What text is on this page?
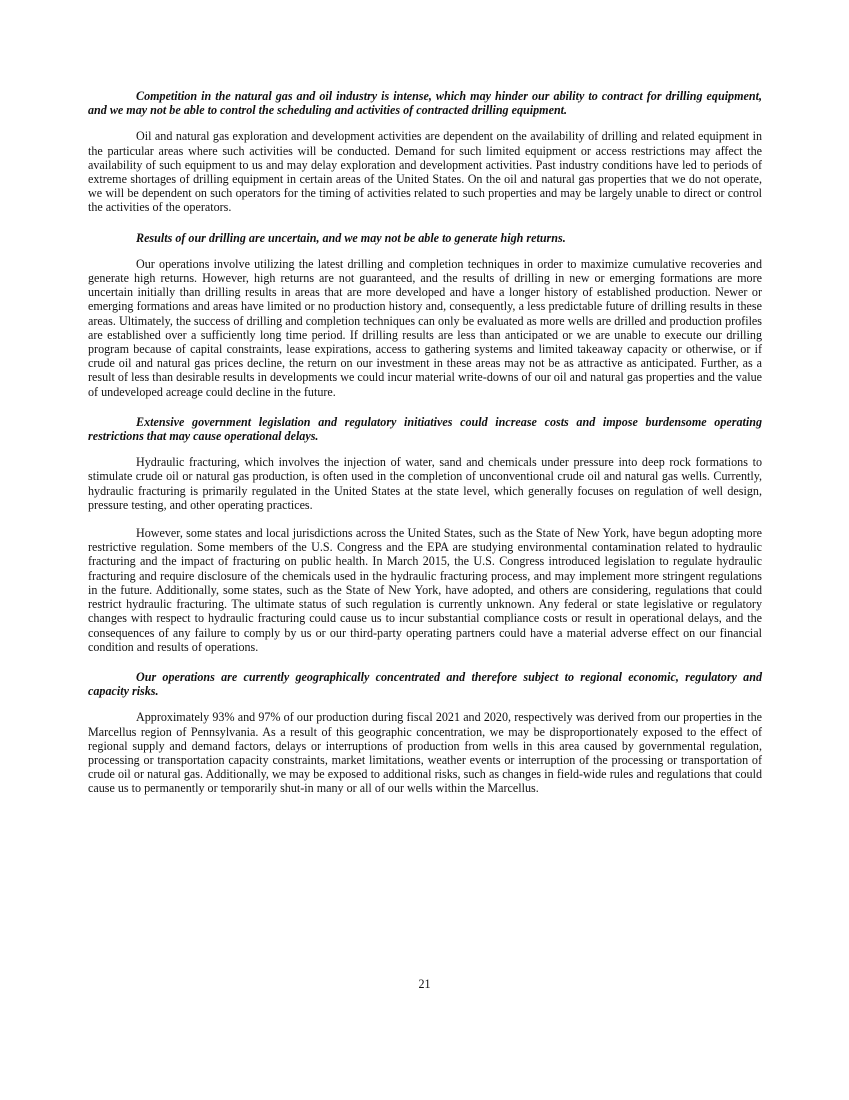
Competition in the natural gas and oil industry is intense, which may hinder our ability to contract for drilling equipment, and we may not be able to control the scheduling and activities of contracted drilling equipment.

Oil and natural gas exploration and development activities are dependent on the availability of drilling and related equipment in the particular areas where such activities will be conducted. Demand for such limited equipment or access restrictions may affect the availability of such equipment to us and may delay exploration and development activities. Past industry conditions have led to periods of extreme shortages of drilling equipment in certain areas of the United States. On the oil and natural gas properties that we do not operate, we will be dependent on such operators for the timing of activities related to such properties and may be largely unable to direct or control the activities of the operators.

Results of our drilling are uncertain, and we may not be able to generate high returns.

Our operations involve utilizing the latest drilling and completion techniques in order to maximize cumulative recoveries and generate high returns. However, high returns are not guaranteed, and the results of drilling in new or emerging formations are more uncertain initially than drilling results in areas that are more developed and have a longer history of established production. Newer or emerging formations and areas have limited or no production history and, consequently, a less predictable future of drilling results in these areas. Ultimately, the success of drilling and completion techniques can only be evaluated as more wells are drilled and production profiles are established over a sufficiently long time period. If drilling results are less than anticipated or we are unable to execute our drilling program because of capital constraints, lease expirations, access to gathering systems and limited takeaway capacity or otherwise, or if crude oil and natural gas prices decline, the return on our investment in these areas may not be as attractive as anticipated. Further, as a result of less than desirable results in developments we could incur material write-downs of our oil and natural gas properties and the value of undeveloped acreage could decline in the future.

Extensive government legislation and regulatory initiatives could increase costs and impose burdensome operating restrictions that may cause operational delays.

Hydraulic fracturing, which involves the injection of water, sand and chemicals under pressure into deep rock formations to stimulate crude oil or natural gas production, is often used in the completion of unconventional crude oil and natural gas wells. Currently, hydraulic fracturing is primarily regulated in the United States at the state level, which generally focuses on regulation of well design, pressure testing, and other operating practices.

However, some states and local jurisdictions across the United States, such as the State of New York, have begun adopting more restrictive regulation. Some members of the U.S. Congress and the EPA are studying environmental contamination related to hydraulic fracturing and the impact of fracturing on public health. In March 2015, the U.S. Congress introduced legislation to regulate hydraulic fracturing and require disclosure of the chemicals used in the hydraulic fracturing process, and may implement more stringent regulations in the future. Additionally, some states, such as the State of New York, have adopted, and others are considering, regulations that could restrict hydraulic fracturing. The ultimate status of such regulation is currently unknown. Any federal or state legislative or regulatory changes with respect to hydraulic fracturing could cause us to incur substantial compliance costs or result in operational delays, and the consequences of any failure to comply by us or our third-party operating partners could have a material adverse effect on our financial condition and results of operations.

Our operations are currently geographically concentrated and therefore subject to regional economic, regulatory and capacity risks.

Approximately 93% and 97% of our production during fiscal 2021 and 2020, respectively was derived from our properties in the Marcellus region of Pennsylvania. As a result of this geographic concentration, we may be disproportionately exposed to the effect of regional supply and demand factors, delays or interruptions of production from wells in this area caused by governmental regulation, processing or transportation capacity constraints, market limitations, weather events or interruption of the processing or transportation of crude oil or natural gas. Additionally, we may be exposed to additional risks, such as changes in field-wide rules and regulations that could cause us to permanently or temporarily shut-in many or all of our wells within the Marcellus.

21
